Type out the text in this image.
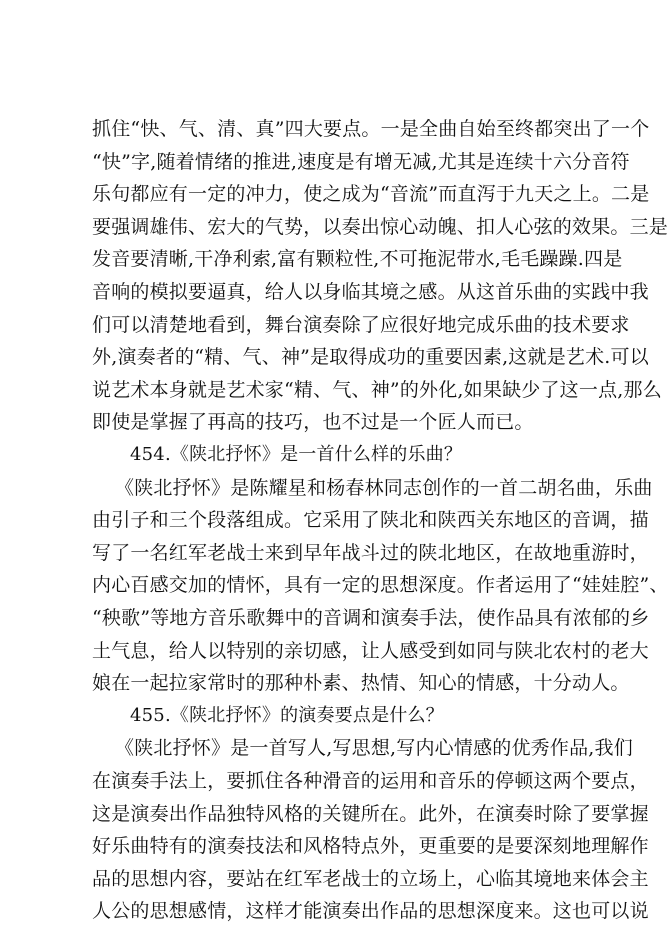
抓住“快、气、清、真”四大要点。一是全曲自始至终都突出了一个
“快”字,随着情绪的推进,速度是有增无减,尤其是连续十六分音符
乐句都应有一定的冲力，使之成为“音流”而直泻于九天之上。二是
要强调雄伟、宏大的气势，以奏出惊心动魄、扣人心弦的效果。三是
发音要清晰,干净利索,富有颗粒性,不可拖泥带水,毛毛躁躁.四是
音响的模拟要逼真，给人以身临其境之感。从这首乐曲的实践中我
们可以清楚地看到，舞台演奏除了应很好地完成乐曲的技术要求
外,演奏者的“精、气、神”是取得成功的重要因素,这就是艺术.可以
说艺术本身就是艺术家“精、气、神”的外化,如果缺少了这一点,那么
即使是掌握了再高的技巧，也不过是一个匠人而已。
454.《陕北抒怀》是一首什么样的乐曲？
《陕北抒怀》是陈耀星和杨春林同志创作的一首二胡名曲，乐曲
由引子和三个段落组成。它采用了陕北和陕西关东地区的音调，描
写了一名红军老战士来到早年战斗过的陕北地区，在故地重游时，
内心百感交加的情怀，具有一定的思想深度。作者运用了“娃娃腔”、
“秧歌”等地方音乐歌舞中的音调和演奏手法，使作品具有浓郁的乡
土气息，给人以特别的亲切感，让人感受到如同与陕北农村的老大
娘在一起拉家常时的那种朴素、热情、知心的情感，十分动人。
455.《陕北抒怀》的演奏要点是什么？
《陕北抒怀》是一首写人,写思想,写内心情感的优秀作品,我们
在演奏手法上，要抓住各种滑音的运用和音乐的停顿这两个要点，
这是演奏出作品独特风格的关键所在。此外，在演奏时除了要掌握
好乐曲特有的演奏技法和风格特点外，更重要的是要深刻地理解作
品的思想内容，要站在红军老战士的立场上，心临其境地来体会主
人公的思想感情，这样才能演奏出作品的思想深度来。这也可以说
